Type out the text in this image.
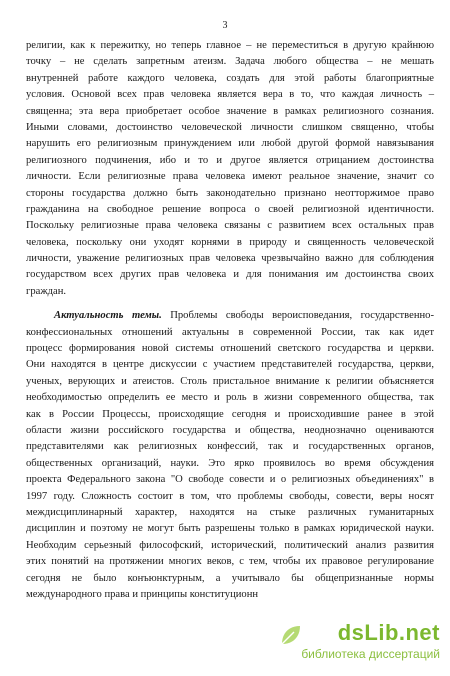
3
религии, как к пережитку, но теперь главное – не переместиться в другую крайнюю
точку – не сделать запретным атеизм. Задача любого общества – не мешать
внутренней работе каждого человека, создать для этой работы благоприятные
условия. Основой всех прав человека является вера в то, что каждая личность –
священна; эта вера приобретает особое значение в рамках религиозного сознания.
Иными словами, достоинство человеческой личности слишком священно, чтобы
нарушить его религиозным принуждением или любой другой формой навязывания
религиозного подчинения, ибо и то и другое является отрицанием достоинства
личности. Если религиозные права человека имеют реальное значение, значит со
стороны государства должно быть законодательно признано неотторжимое право
гражданина на свободное решение вопроса о своей религиозной идентичности.
Поскольку религиозные права человека связаны с развитием всех остальных прав
человека, поскольку они уходят корнями в природу и священность человеческой
личности, уважение религиозных прав человека чрезвычайно важно для соблюдения
государством всех других прав человека и для понимания им достоинства своих
граждан.
Актуальность темы. Проблемы свободы вероисповедания, государственно-
конфессиональных отношений актуальны в современной России, так как идет
процесс формирования новой системы отношений светского государства и церкви.
Они находятся в центре дискуссии с участием представителей государства, церкви,
ученых, верующих и атеистов. Столь пристальное внимание к религии объясняется
необходимостью определить ее место и роль в жизни современного общества, так
как в России Процессы, происходящие сегодня и происходившие ранее в этой
области жизни российского государства и общества, неоднозначно оцениваются
представителями как религиозных конфессий, так и государственных органов,
общественных организаций, науки. Это ярко проявилось во время обсуждения
проекта Федерального закона "О свободе совести и о религиозных объединениях" в
1997 году. Сложность состоит в том, что проблемы свободы, совести, веры носят
междисциплинарный характер, находятся на стыке различных гуманитарных
дисциплин и поэтому не могут быть разрешены только в рамках юридической науки.
Необходим серьезный философский, исторический, политический анализ развития
этих понятий на протяжении многих веков, с тем, чтобы их правовое регулирование
сегодня не было конъюнктурным, а учитывало бы общепризнанные нормы
международного права и принципы конституционн
dsLib.net
библиотека диссертаций
